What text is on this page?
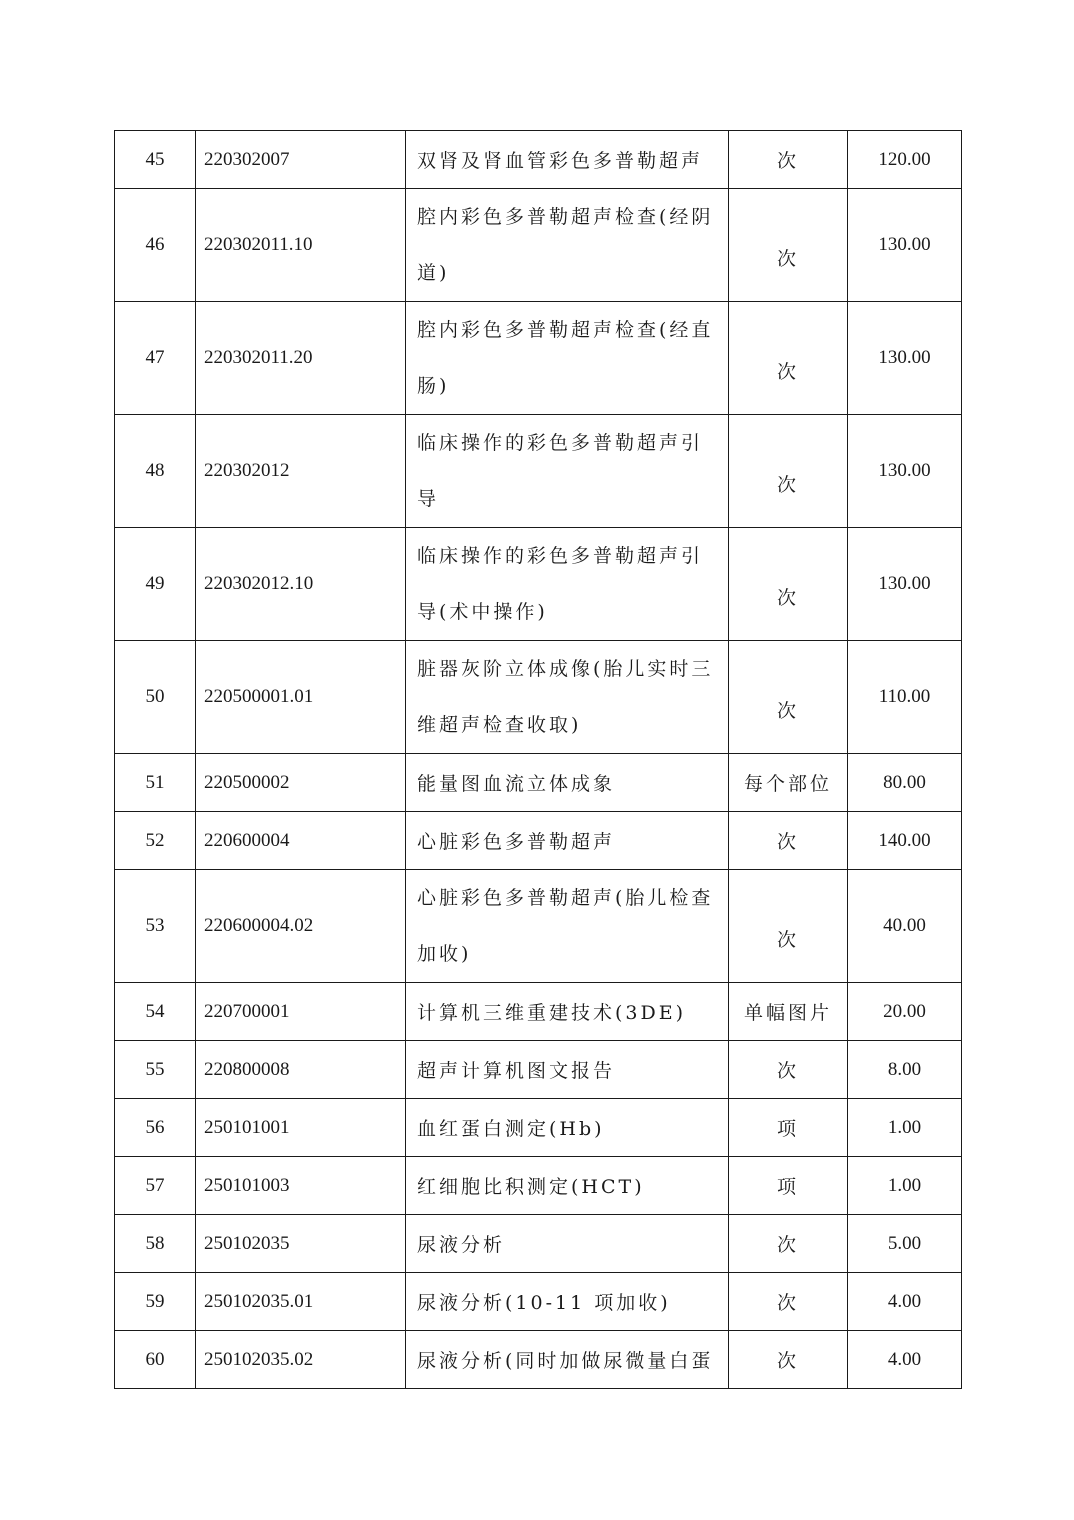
45	220302007	双肾及肾血管彩色多普勒超声	次	120.00
46	220302011.10	腔内彩色多普勒超声检查(经阴道)	次	130.00
47	220302011.20	腔内彩色多普勒超声检查(经直肠)	次	130.00
48	220302012	临床操作的彩色多普勒超声引导	次	130.00
49	220302012.10	临床操作的彩色多普勒超声引导(术中操作)	次	130.00
50	220500001.01	脏器灰阶立体成像(胎儿实时三维超声检查收取)	次	110.00
51	220500002	能量图血流立体成象	每个部位	80.00
52	220600004	心脏彩色多普勒超声	次	140.00
53	220600004.02	心脏彩色多普勒超声(胎儿检查加收)	次	40.00
54	220700001	计算机三维重建技术(3DE)	单幅图片	20.00
55	220800008	超声计算机图文报告	次	8.00
56	250101001	血红蛋白测定(Hb)	项	1.00
57	250101003	红细胞比积测定(HCT)	项	1.00
58	250102035	尿液分析	次	5.00
59	250102035.01	尿液分析(10-11 项加收)	次	4.00
60	250102035.02	尿液分析(同时加做尿微量白蛋	次	4.00
